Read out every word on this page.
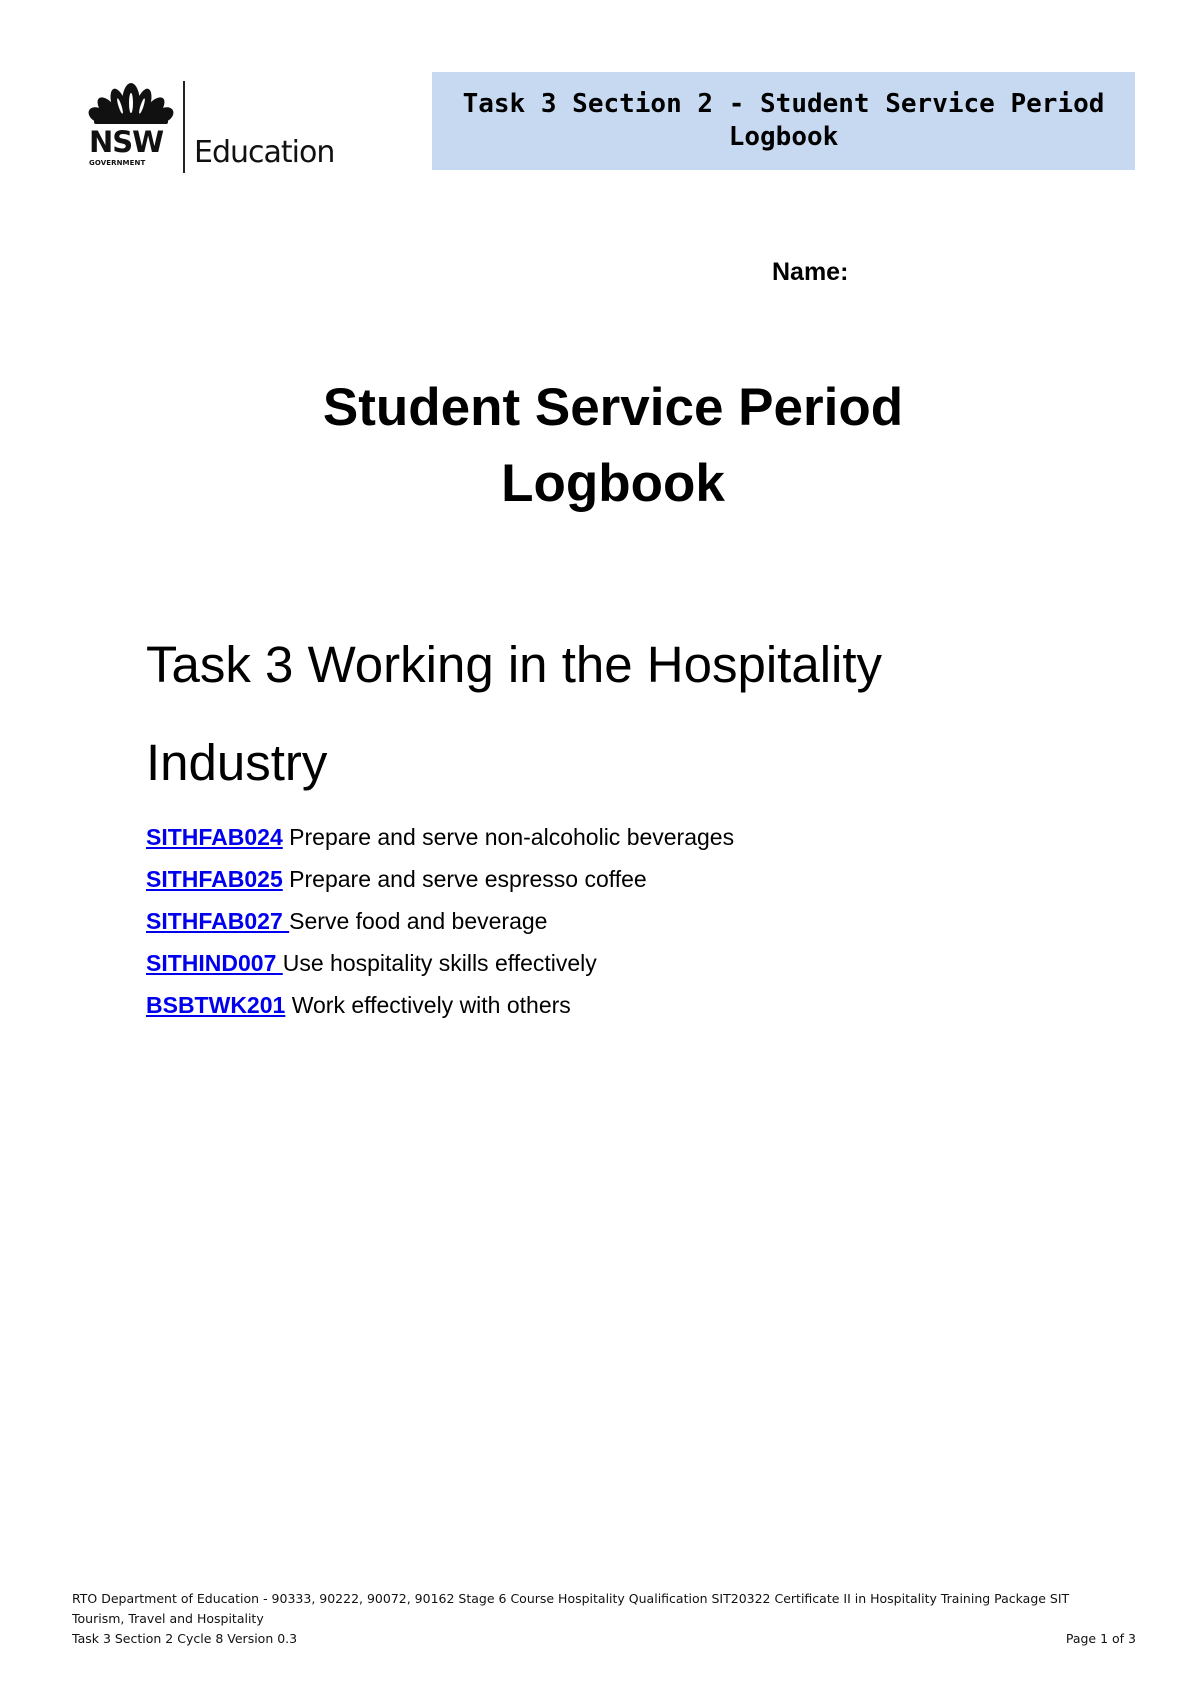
NSW
GOVERNMENT Education
Task 3 Section 2 - Student Service Period Logbook
Name:
Student Service Period
Logbook
Task 3 Working in the Hospitality
Industry
SITHFAB024 Prepare and serve non-alcoholic beverages
SITHFAB025 Prepare and serve espresso coffee
SITHFAB027 Serve food and beverage
SITHIND007 Use hospitality skills effectively
BSBTWK201 Work effectively with others
RTO Department of Education - 90333, 90222, 90072, 90162 Stage 6 Course Hospitality Qualification SIT20322 Certificate II in Hospitality Training Package SIT
Tourism, Travel and Hospitality
Task 3 Section 2 Cycle 8 Version 0.3	Page 1 of 3
